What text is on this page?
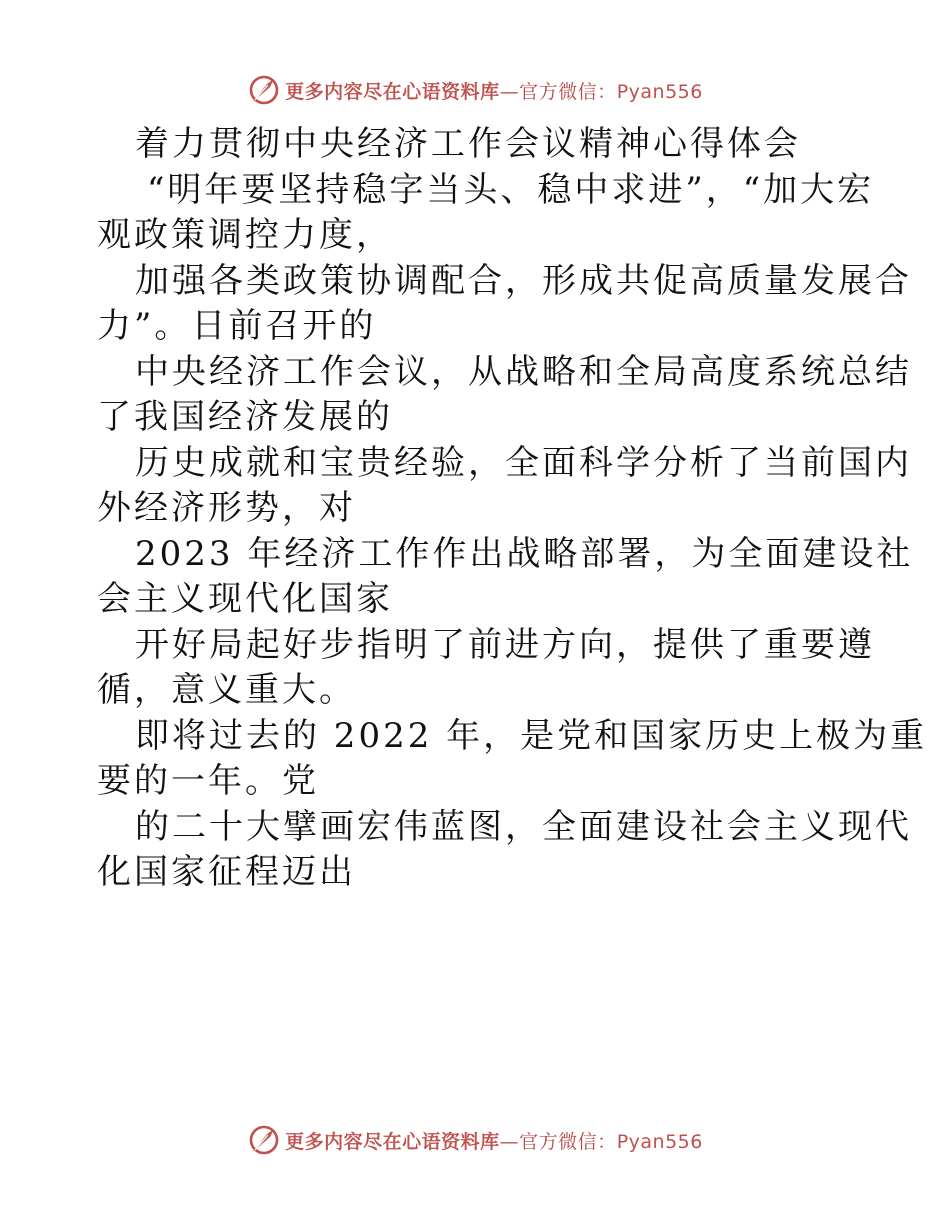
更多内容尽在心语资料库—官方微信：Pyan556
着力贯彻中央经济工作会议精神心得体会
“明年要坚持稳字当头、稳中求进”，“加大宏
观政策调控力度，
加强各类政策协调配合，形成共促高质量发展合
力”。日前召开的
中央经济工作会议，从战略和全局高度系统总结
了我国经济发展的
历史成就和宝贵经验，全面科学分析了当前国内
外经济形势，对
2023 年经济工作作出战略部署，为全面建设社
会主义现代化国家
开好局起好步指明了前进方向，提供了重要遵
循，意义重大。
即将过去的 2022 年，是党和国家历史上极为重
要的一年。党
的二十大擘画宏伟蓝图，全面建设社会主义现代
化国家征程迈出
更多内容尽在心语资料库—官方微信：Pyan556
